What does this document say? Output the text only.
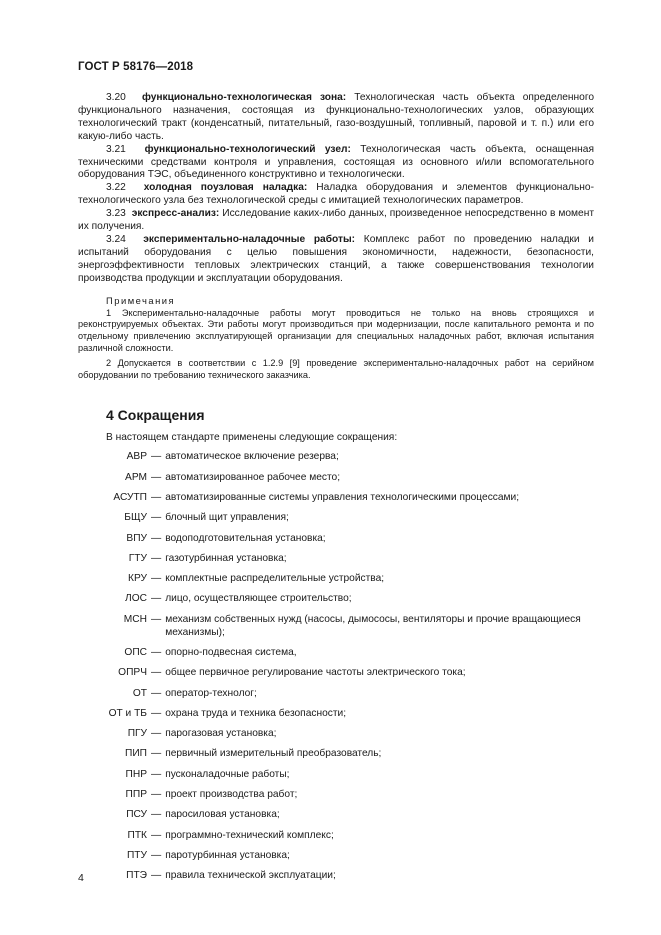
ГОСТ Р 58176—2018

3.20 функционально-технологическая зона: Технологическая часть объекта определенного функционального назначения, состоящая из функционально-технологических узлов, образующих технологический тракт (конденсатный, питательный, газо-воздушный, топливный, паровой и т. п.) или его какую-либо часть.

3.21 функционально-технологический узел: Технологическая часть объекта, оснащенная техническими средствами контроля и управления, состоящая из основного и/или вспомогательного оборудования ТЭС, объединенного конструктивно и технологически.

3.22 холодная поузловая наладка: Наладка оборудования и элементов функционально-технологического узла без технологической среды с имитацией технологических параметров.

3.23 экспресс-анализ: Исследование каких-либо данных, произведенное непосредственно в момент их получения.

3.24 экспериментально-наладочные работы: Комплекс работ по проведению наладки и испытаний оборудования с целью повышения экономичности, надежности, безопасности, энергоэффективности тепловых электрических станций, а также совершенствования технологии производства продукции и эксплуатации оборудования.

Примечания

1 Экспериментально-наладочные работы могут проводиться не только на вновь строящихся и реконструируемых объектах. Эти работы могут производиться при модернизации, после капитального ремонта и по отдельному привлечению эксплуатирующей организации для специальных наладочных работ, включая испытания различной сложности.

2 Допускается в соответствии с 1.2.9 [9] проведение экспериментально-наладочных работ на серийном оборудовании по требованию технического заказчика.

4 Сокращения

В настоящем стандарте применены следующие сокращения:

АВР — автоматическое включение резерва;
АРМ — автоматизированное рабочее место;
АСУТП — автоматизированные системы управления технологическими процессами;
БЩУ — блочный щит управления;
ВПУ — водоподготовительная установка;
ГТУ — газотурбинная установка;
КРУ — комплектные распределительные устройства;
ЛОС — лицо, осуществляющее строительство;
МСН — механизм собственных нужд (насосы, дымососы, вентиляторы и прочие вращающиеся механизмы);
ОПС — опорно-подвесная система,
ОПРЧ — общее первичное регулирование частоты электрического тока;
ОТ — оператор-технолог;
ОТ и ТБ — охрана труда и техника безопасности;
ПГУ — парогазовая установка;
ПИП — первичный измерительный преобразователь;
ПНР — пусконаладочные работы;
ППР — проект производства работ;
ПСУ — паросиловая установка;
ПТК — программно-технический комплекс;
ПТУ — паротурбинная установка;
ПТЭ — правила технической эксплуатации;
4
